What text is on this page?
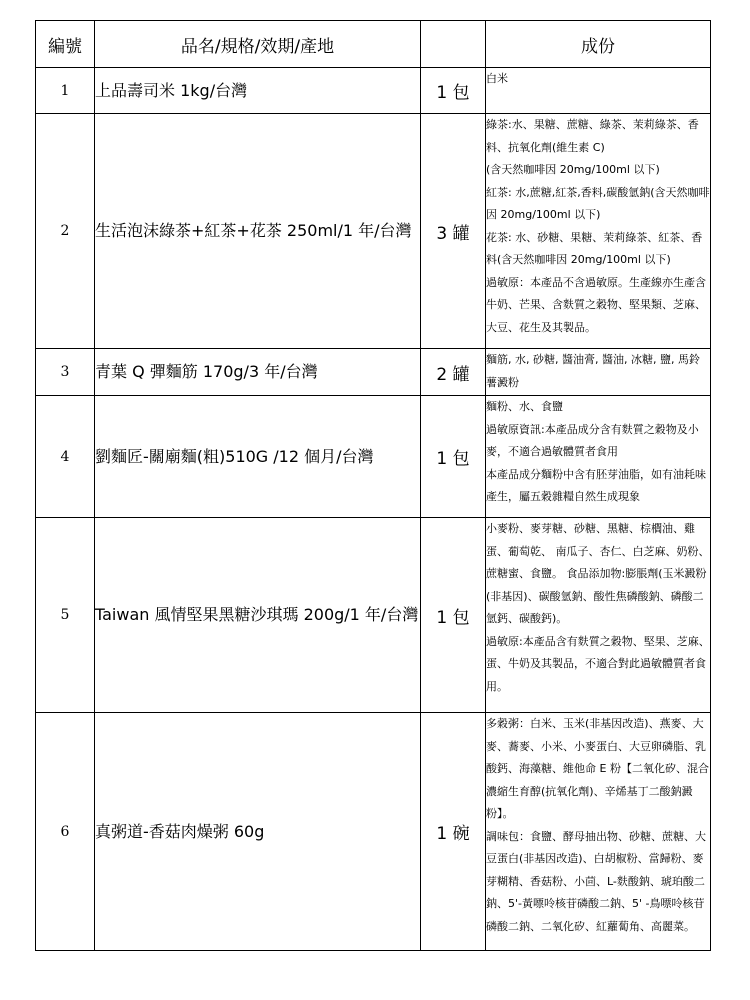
編號	品名/規格/效期/產地		成份
1	上品壽司米 1kg/台灣	1 包	白米

2	生活泡沫綠茶+紅茶+花茶 250ml/1 年/台灣	3 罐	綠茶:水、果糖、蔗糖、綠茶、茉莉綠茶、香料、抗氧化劑(維生素 C)
(含天然咖啡因 20mg/100ml 以下)
紅茶: 水,蔗糖,紅茶,香料,碳酸氫鈉(含天然咖啡因 20mg/100ml 以下)
花茶: 水、砂糖、果糖、茉莉綠茶、紅茶、香料(含天然咖啡因 20mg/100ml 以下)
過敏原：本產品不含過敏原。生產線亦生產含牛奶、芒果、含麩質之穀物、堅果類、芝麻、大豆、花生及其製品。

3	青葉 Q 彈麵筋 170g/3 年/台灣	2 罐	麵筋, 水, 砂糖, 醬油膏, 醬油, 冰糖, 鹽, 馬鈴薯澱粉

4	劉麵匠-關廟麵(粗)510G /12 個月/台灣	1 包	麵粉、水、食鹽
過敏原資訊:本產品成分含有麩質之穀物及小麥，不適合過敏體質者食用
本產品成分麵粉中含有胚芽油脂，如有油耗味產生，屬五穀雜糧自然生成現象

5	Taiwan 風情堅果黑糖沙琪瑪 200g/1 年/台灣	1 包	小麥粉、麥芽糖、砂糖、黑糖、棕櫚油、雞蛋、葡萄乾、 南瓜子、杏仁、白芝麻、奶粉、蔗糖蜜、食鹽。 食品添加物:膨脹劑(玉米澱粉(非基因)、碳酸氫鈉、酸性焦磷酸鈉、磷酸二氫鈣、碳酸鈣)。
過敏原:本產品含有麩質之穀物、堅果、芝麻、蛋、牛奶及其製品，不適合對此過敏體質者食用。

6	真粥道-香菇肉燥粥 60g	1 碗	多穀粥：白米、玉米(非基因改造)、燕麥、大麥、蕎麥、小米、小麥蛋白、大豆卵磷脂、乳酸鈣、海藻糖、維他命 E 粉【二氧化矽、混合濃縮生育醇(抗氧化劑)、辛烯基丁二酸鈉澱粉】。
調味包：食鹽、酵母抽出物、砂糖、蔗糖、大豆蛋白(非基因改造)、白胡椒粉、當歸粉、麥芽糊精、香菇粉、小茴、L-麩酸鈉、琥珀酸二鈉、5'-黃嘌呤核苷磷酸二鈉、5' -鳥嘌呤核苷磷酸二鈉、二氧化矽、紅蘿蔔角、高麗菜。
